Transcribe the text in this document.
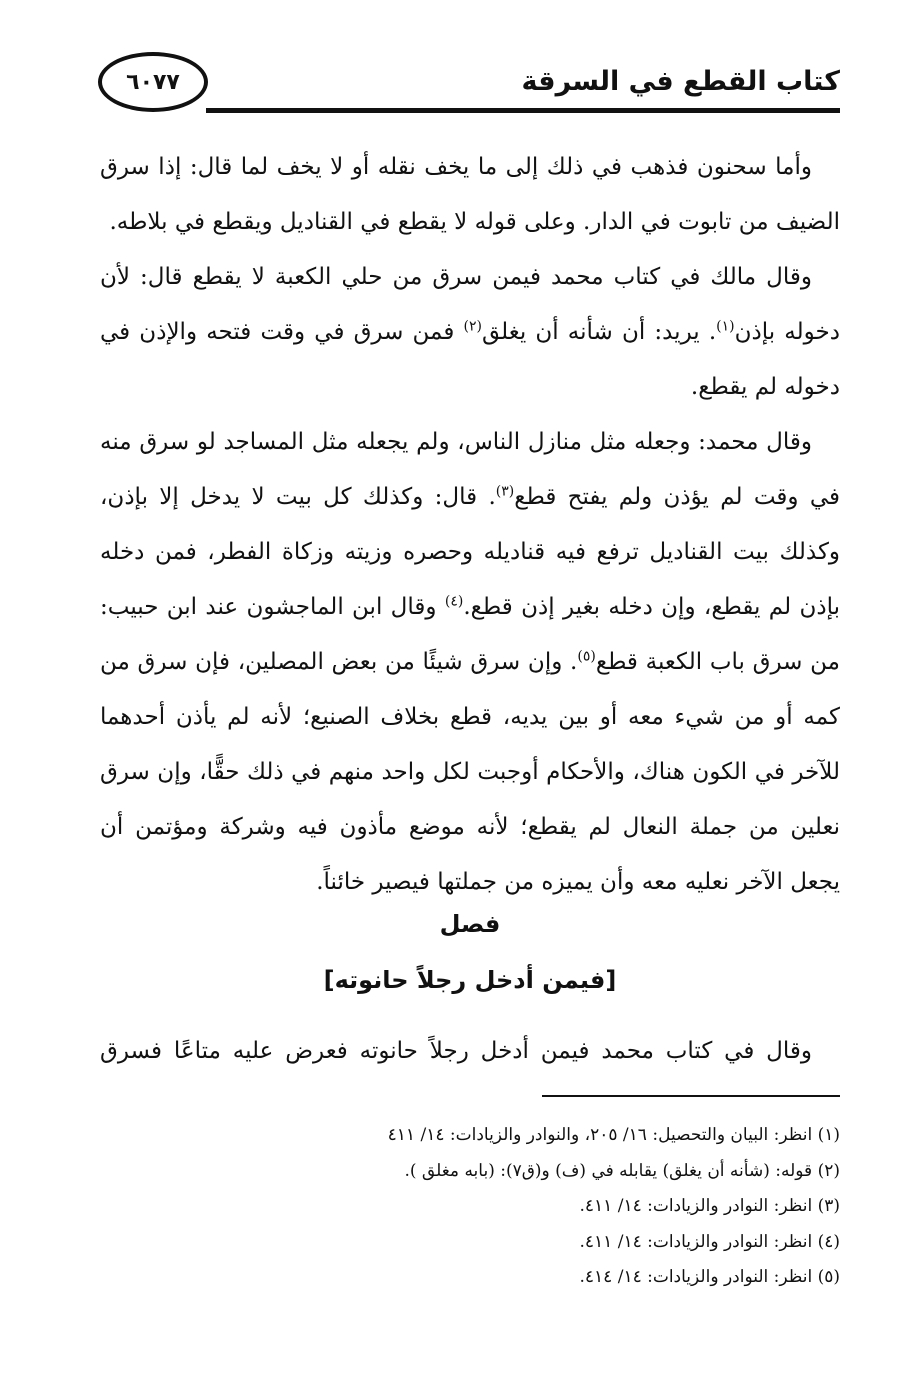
٦٠٧٧	كتاب القطع في السرقة

وأما سحنون فذهب في ذلك إلى ما يخف نقله أو لا يخف لما قال: إذا سرق الضيف من تابوت في الدار. وعلى قوله لا يقطع في القناديل ويقطع في بلاطه.

وقال مالك في كتاب محمد فيمن سرق من حلي الكعبة لا يقطع قال: لأن دخوله بإذن$^{(١)}$. يريد: أن شأنه أن يغلق$^{(٢)}$ فمن سرق في وقت فتحه والإذن في دخوله لم يقطع.

وقال محمد: وجعله مثل منازل الناس، ولم يجعله مثل المساجد لو سرق منه في وقت لم يؤذن ولم يفتح قطع$^{(٣)}$. قال: وكذلك كل بيت لا يدخل إلا بإذن، وكذلك بيت القناديل ترفع فيه قناديله وحصره وزيته وزكاة الفطر، فمن دخله بإذن لم يقطع، وإن دخله بغير إذن قطع.$^{(٤)}$ وقال ابن الماجشون عند ابن حبيب: من سرق باب الكعبة قطع$^{(٥)}$. وإن سرق شيئًا من بعض المصلين، فإن سرق من كمه أو من شيء معه أو بين يديه، قطع بخلاف الصنيع؛ لأنه لم يأذن أحدهما للآخر في الكون هناك، والأحكام أوجبت لكل واحد منهم في ذلك حقًّا، وإن سرق نعلين من جملة النعال لم يقطع؛ لأنه موضع مأذون فيه وشركة ومؤتمن أن يجعل الآخر نعليه معه وأن يميزه من جملتها فيصير خائناً.

فصل
[فيمن أدخل رجلاً حانوته]
وقال في كتاب محمد فيمن أدخل رجلاً حانوته فعرض عليه متاعًا فسرق
(١) انظر: البيان والتحصيل: ١٦/ ٢٠٥، والنوادر والزيادات: ١٤/ ٤١١
(٢) قوله: (شأنه أن يغلق) يقابله في (ف) و(ق٧): (بابه مغلق ).
(٣) انظر: النوادر والزيادات: ١٤/ ٤١١.
(٤) انظر: النوادر والزيادات: ١٤/ ٤١١.
(٥) انظر: النوادر والزيادات: ١٤/ ٤١٤.
